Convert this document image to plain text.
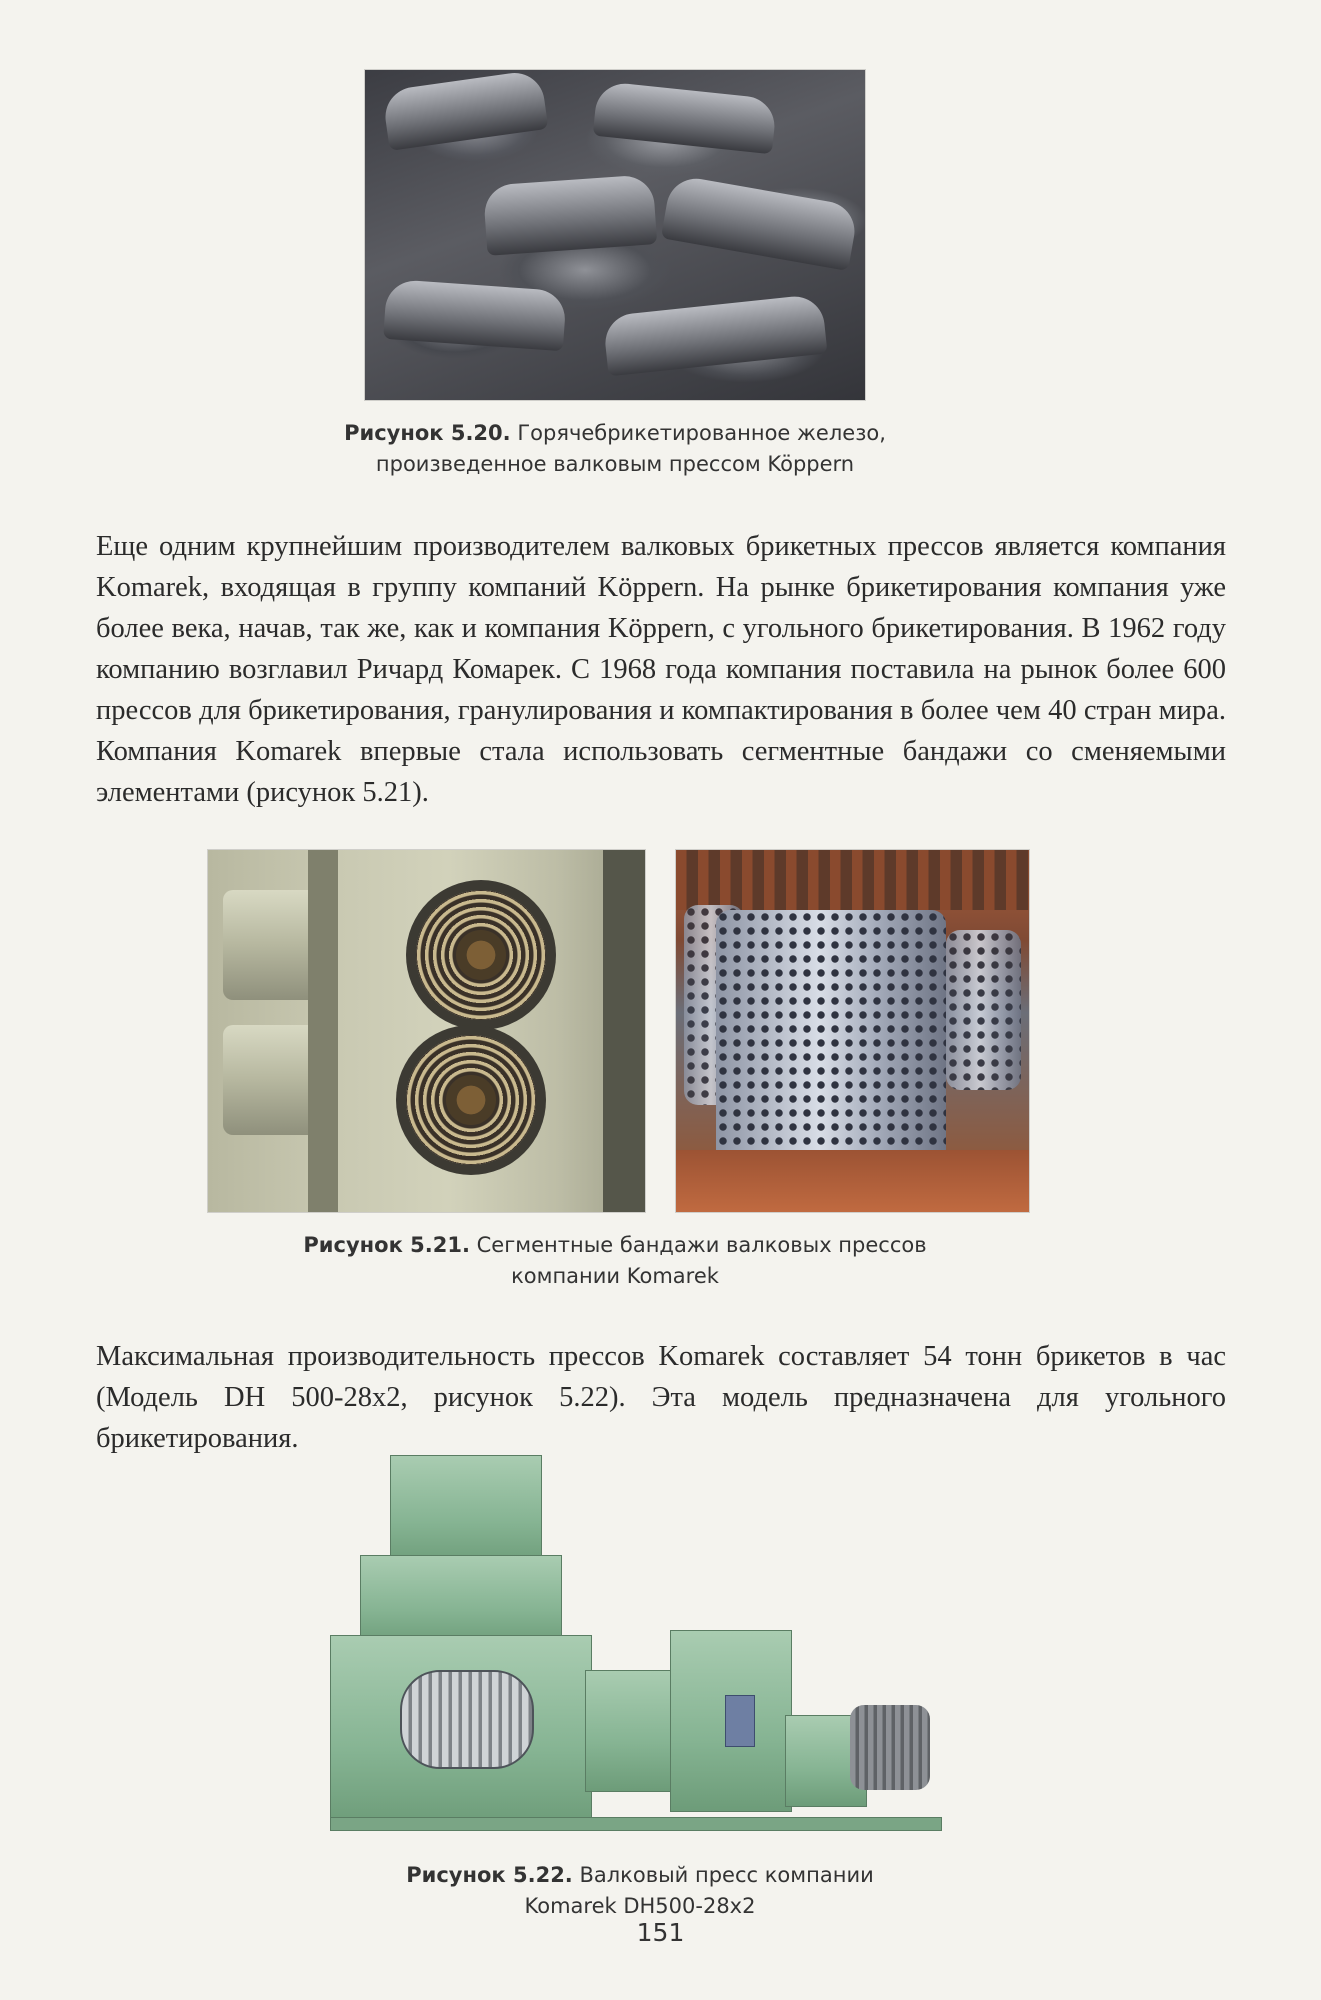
Рисунок 5.20. Горячебрикетированное железо,
произведенное валковым прессом Köppern
Еще одним крупнейшим производителем валковых брикетных прессов является компания Komarek, входящая в группу компаний Köppern. На рынке брикетирования компания уже более века, начав, так же, как и компания Köppern, с угольного брикетирования. В 1962 году компанию возглавил Ричард Комарек. С 1968 года компания поставила на рынок более 600 прессов для брикетирования, гранулирования и компактирования в более чем 40 стран мира. Компания Komarek впервые стала использовать сегментные бандажи со сменяемыми элементами (рисунок 5.21).
Рисунок 5.21. Сегментные бандажи валковых прессов
компании Komarek
Максимальная производительность прессов Komarek составляет 54 тонн брикетов в час (Модель DH 500-28x2, рисунок 5.22). Эта модель предназначена для угольного брикетирования.
Рисунок 5.22. Валковый пресс компании
Komarek DH500-28x2
151
